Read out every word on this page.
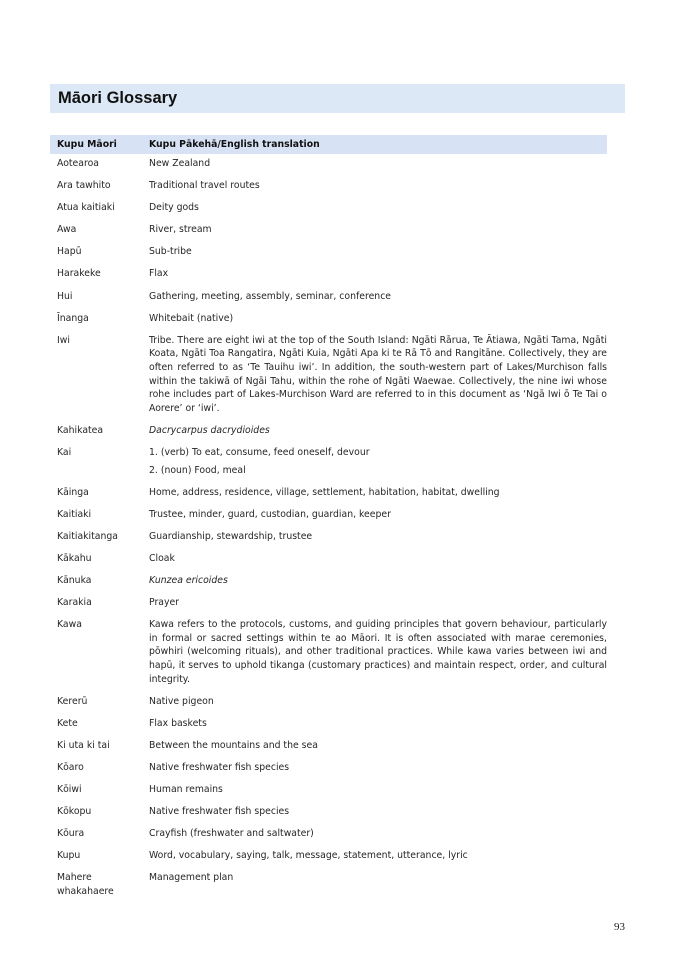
Māori Glossary
Kupu Māori	Kupu Pākehā/English translation
Aotearoa	New Zealand

Ara tawhito	Traditional travel routes

Atua kaitiaki	Deity gods

Awa	River, stream

Hapū	Sub-tribe

Harakeke	Flax

Hui	Gathering, meeting, assembly, seminar, conference

Īnanga	Whitebait (native)

Iwi	Tribe. There are eight iwi at the top of the South Island: Ngāti Rārua, Te Ātiawa, Ngāti Tama, Ngāti Koata, Ngāti Toa Rangatira, Ngāti Kuia, Ngāti Apa ki te Rā Tō and Rangitāne. Collectively, they are often referred to as ‘Te Tauihu iwi’. In addition, the south-western part of Lakes/Murchison falls within the takiwā of Ngāi Tahu, within the rohe of Ngāti Waewae. Collectively, the nine iwi whose rohe includes part of Lakes-Murchison Ward are referred to in this document as ‘Ngā Iwi ō Te Tai o Aorere’ or ‘iwi’.

Kahikatea	Dacrycarpus dacrydioides

Kai	1. (verb) To eat, consume, feed oneself, devour
2. (noun) Food, meal

Kāinga	Home, address, residence, village, settlement, habitation, habitat, dwelling

Kaitiaki	Trustee, minder, guard, custodian, guardian, keeper

Kaitiakitanga	Guardianship, stewardship, trustee

Kākahu	Cloak

Kānuka	Kunzea ericoides

Karakia	Prayer

Kawa	Kawa refers to the protocols, customs, and guiding principles that govern behaviour, particularly in formal or sacred settings within te ao Māori. It is often associated with marae ceremonies, pōwhiri (welcoming rituals), and other traditional practices. While kawa varies between iwi and hapū, it serves to uphold tikanga (customary practices) and maintain respect, order, and cultural integrity.

Kererū	Native pigeon

Kete	Flax baskets

Ki uta ki tai	Between the mountains and the sea

Kōaro	Native freshwater fish species

Kōiwi	Human remains

Kōkopu	Native freshwater fish species

Kōura	Crayfish (freshwater and saltwater)

Kupu	Word, vocabulary, saying, talk, message, statement, utterance, lyric

Mahere whakahaere	Management plan
93
